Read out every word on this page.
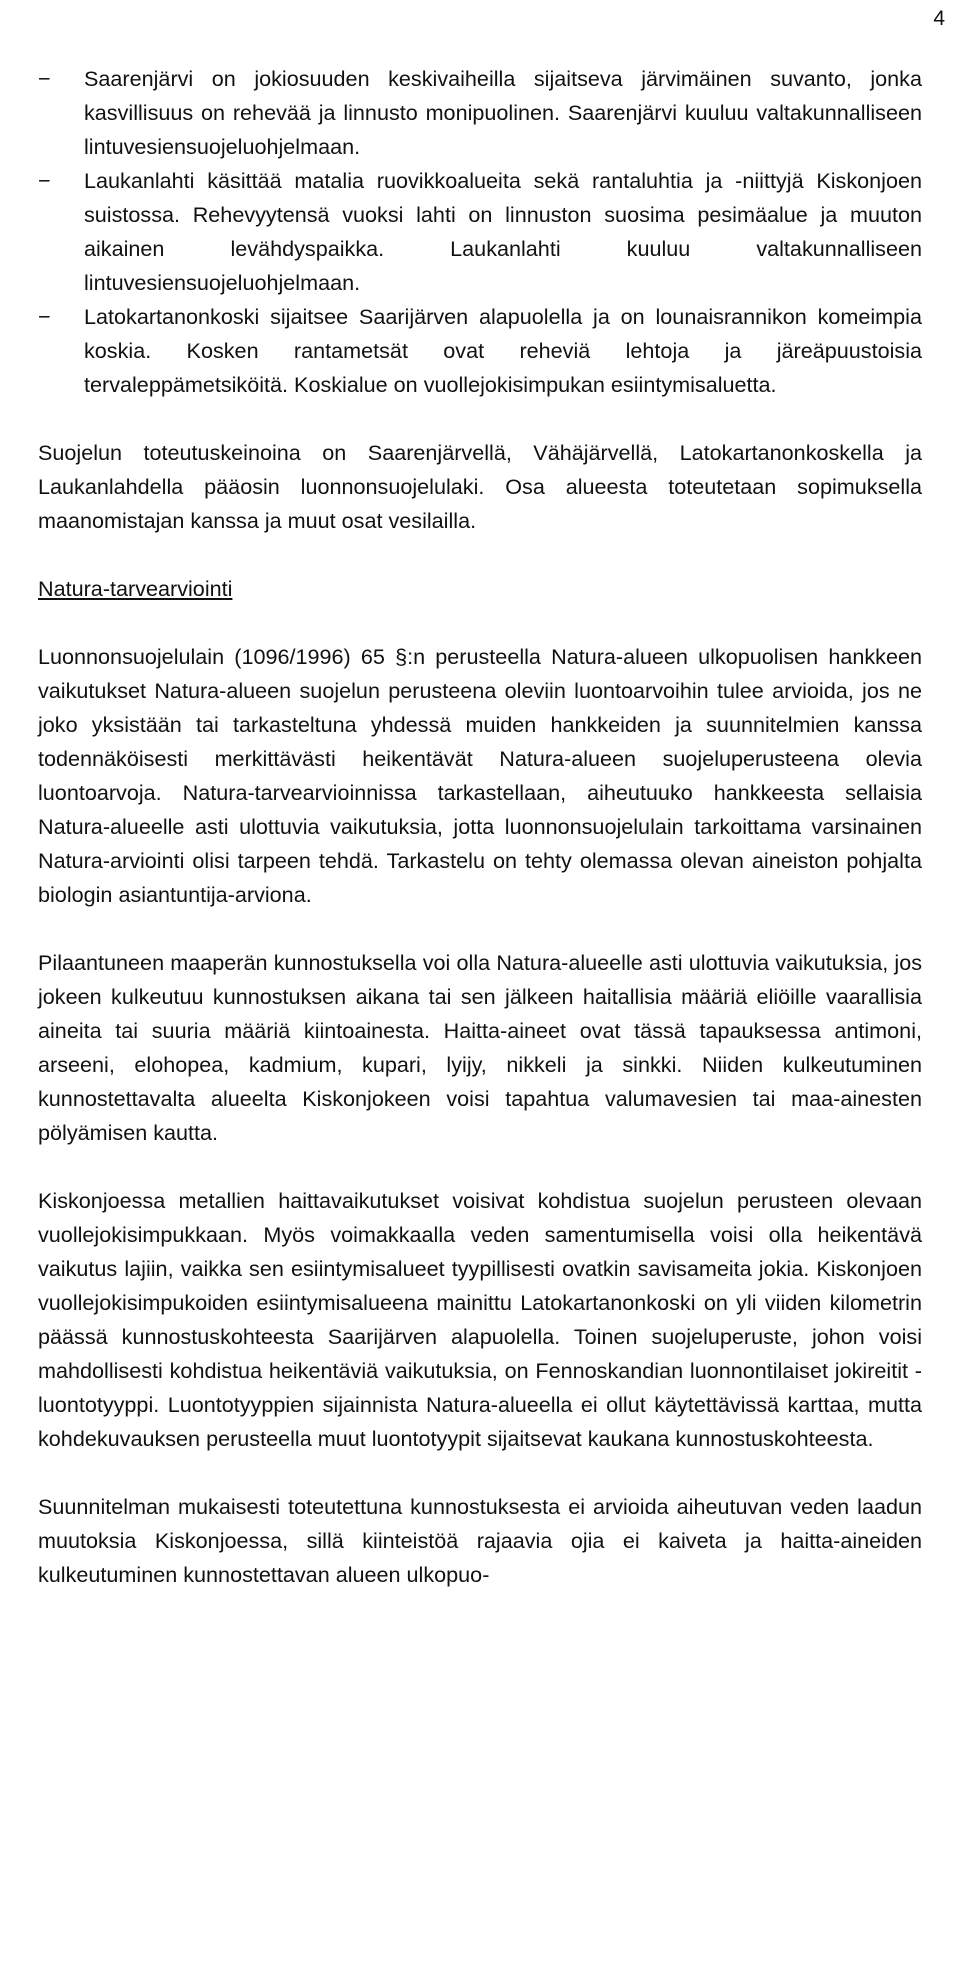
4
− Saarenjärvi on jokiosuuden keskivaiheilla sijaitseva järvimäinen suvanto, jonka kasvillisuus on rehevää ja linnusto monipuolinen. Saarenjärvi kuuluu valtakunnalliseen lintuvesiensuojeluohjelmaan.
− Laukanlahti käsittää matalia ruovikkoalueita sekä rantaluhtia ja -niittyjä Kiskonjoen suistossa. Rehevyytensä vuoksi lahti on linnuston suosima pesimäalue ja muuton aikainen levähdyspaikka. Laukanlahti kuuluu valtakunnalliseen lintuvesiensuojeluohjelmaan.
− Latokartanonkoski sijaitsee Saarijärven alapuolella ja on lounaisrannikon komeimpia koskia. Kosken rantametsät ovat reheviä lehtoja ja järeäpuustoisia tervaleppämetsiköitä. Koskialue on vuollejokisimpukan esiintymisaluetta.

Suojelun toteutuskeinoina on Saarenjärvellä, Vähäjärvellä, Latokartanonkoskella ja Laukanlahdella pääosin luonnonsuojelulaki. Osa alueesta toteutetaan sopimuksella maanomistajan kanssa ja muut osat vesilailla.

Natura-tarvearviointi

Luonnonsuojelulain (1096/1996) 65 §:n perusteella Natura-alueen ulkopuolisen hankkeen vaikutukset Natura-alueen suojelun perusteena oleviin luontoarvoihin tulee arvioida, jos ne joko yksistään tai tarkasteltuna yhdessä muiden hankkeiden ja suunnitelmien kanssa todennäköisesti merkittävästi heikentävät Natura-alueen suojeluperusteena olevia luontoarvoja. Natura-tarvearvioinnissa tarkastellaan, aiheutuuko hankkeesta sellaisia Natura-alueelle asti ulottuvia vaikutuksia, jotta luonnonsuojelulain tarkoittama varsinainen Natura-arviointi olisi tarpeen tehdä. Tarkastelu on tehty olemassa olevan aineiston pohjalta biologin asiantuntija-arviona.

Pilaantuneen maaperän kunnostuksella voi olla Natura-alueelle asti ulottuvia vaikutuksia, jos jokeen kulkeutuu kunnostuksen aikana tai sen jälkeen haitallisia määriä eliöille vaarallisia aineita tai suuria määriä kiintoainesta. Haitta-aineet ovat tässä tapauksessa antimoni, arseeni, elohopea, kadmium, kupari, lyijy, nikkeli ja sinkki. Niiden kulkeutuminen kunnostettavalta alueelta Kiskonjokeen voisi tapahtua valumavesien tai maa-ainesten pölyämisen kautta.

Kiskonjoessa metallien haittavaikutukset voisivat kohdistua suojelun perusteen olevaan vuollejokisimpukkaan. Myös voimakkaalla veden samentumisella voisi olla heikentävä vaikutus lajiin, vaikka sen esiintymisalueet tyypillisesti ovatkin savisameita jokia. Kiskonjoen vuollejokisimpukoiden esiintymisalueena mainittu Latokartanonkoski on yli viiden kilometrin päässä kunnostuskohteesta Saarijärven alapuolella. Toinen suojeluperuste, johon voisi mahdollisesti kohdistua heikentäviä vaikutuksia, on Fennoskandian luonnontilaiset jokireitit -luontotyyppi. Luontotyyppien sijainnista Natura-alueella ei ollut käytettävissä karttaa, mutta kohdekuvauksen perusteella muut luontotyypit sijaitsevat kaukana kunnostuskohteesta.

Suunnitelman mukaisesti toteutettuna kunnostuksesta ei arvioida aiheutuvan veden laadun muutoksia Kiskonjoessa, sillä kiinteistöä rajaavia ojia ei kaiveta ja haitta-aineiden kulkeutuminen kunnostettavan alueen ulkopuo-
